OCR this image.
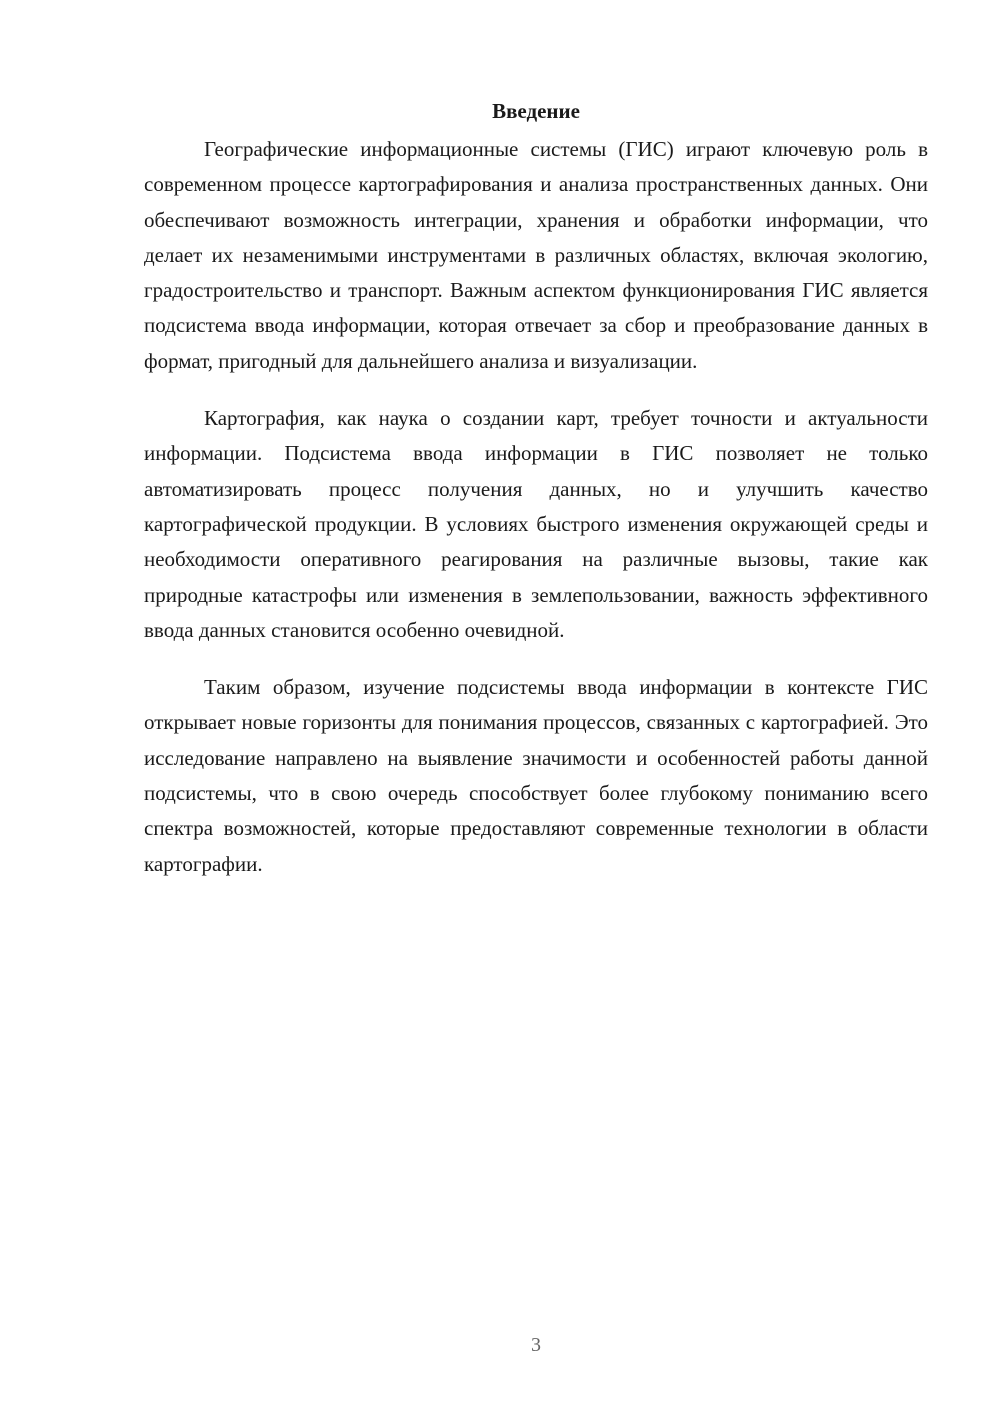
Введение

Географические информационные системы (ГИС) играют ключевую роль в современном процессе картографирования и анализа пространственных данных. Они обеспечивают возможность интеграции, хранения и обработки информации, что делает их незаменимыми инструментами в различных областях, включая экологию, градостроительство и транспорт. Важным аспектом функционирования ГИС является подсистема ввода информации, которая отвечает за сбор и преобразование данных в формат, пригодный для дальнейшего анализа и визуализации.

Картография, как наука о создании карт, требует точности и актуальности информации. Подсистема ввода информации в ГИС позволяет не только автоматизировать процесс получения данных, но и улучшить качество картографической продукции. В условиях быстрого изменения окружающей среды и необходимости оперативного реагирования на различные вызовы, такие как природные катастрофы или изменения в землепользовании, важность эффективного ввода данных становится особенно очевидной.

Таким образом, изучение подсистемы ввода информации в контексте ГИС открывает новые горизонты для понимания процессов, связанных с картографией. Это исследование направлено на выявление значимости и особенностей работы данной подсистемы, что в свою очередь способствует более глубокому пониманию всего спектра возможностей, которые предоставляют современные технологии в области картографии.

3
